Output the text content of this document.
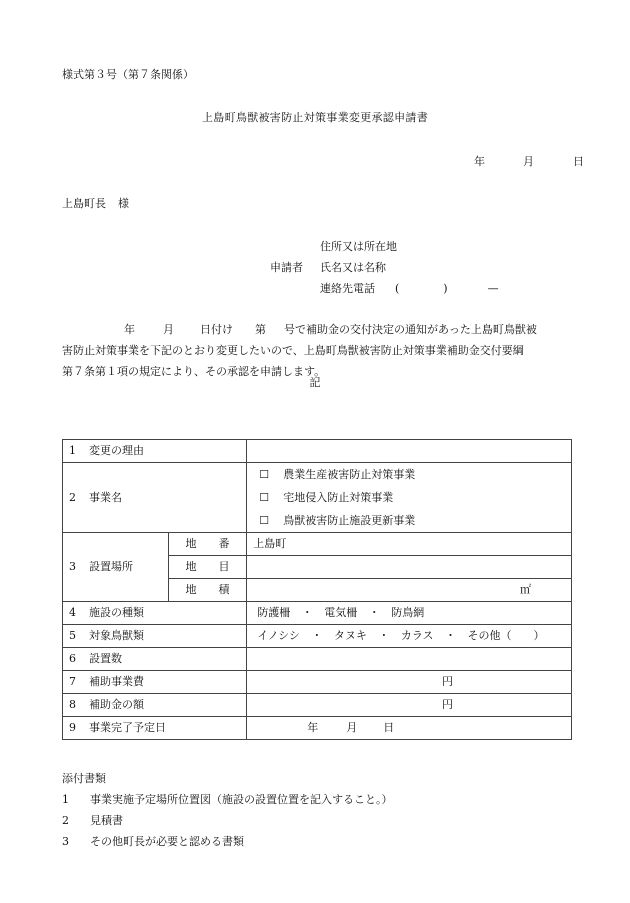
様式第３号（第７条関係）
上島町鳥獣被害防止対策事業変更承認申請書
年	月	日
上島町長 様
住所又は所在地
申請者	氏名又は名称
連絡先電話 (	)	—
年	月 日付け 第 号で補助金の交付決定の通知があった上島町鳥獣被
害防止対策事業を下記のとおり変更したいので、上島町鳥獣被害防止対策事業補助金交付要綱
第７条第１項の規定により、その承認を申請します。
記
1 変更の理由		
2 事業名		☐ 農業生産被害防止対策事業
☐ 宅地侵入防止対策事業
☐ 鳥獣被害防止施設更新事業

3 設置場所	地番	上島町
	地目	
	地積	㎡
4 施設の種類		防護柵 ・ 電気柵 ・ 防鳥網
5 対象鳥獣類		イノシシ ・ タヌキ ・ カラス ・ その他（　　）
6 設置数		
7 補助事業費		円
8 補助金の額		円
9 事業完了予定日		年 月 日
添付書類
1 事業実施予定場所位置図（施設の設置位置を記入すること。）
2 見積書
3 その他町長が必要と認める書類
